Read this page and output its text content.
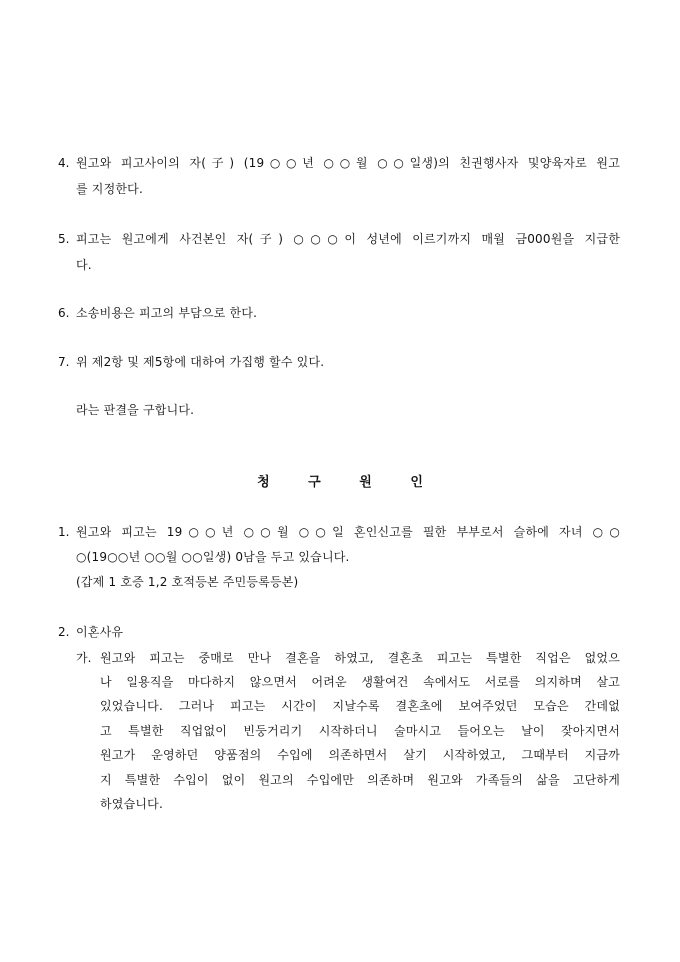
4. 원고와 피고사이의 자(子) (19○○년 ○○월 ○○일생)의 친권행사자 및양육자로 원고
를 지정한다.
5. 피고는 원고에게 사건본인 자(子) ○○○이 성년에 이르기까지 매월 금000원을 지급한
다.
6. 소송비용은 피고의 부담으로 한다.
7. 위 제2항 및 제5항에 대하여 가집행 할수 있다.
라는 판결을 구합니다.
청	구	원	인
1. 원고와 피고는 19○○년 ○○월 ○○일 혼인신고를 필한 부부로서 슬하에 자녀 ○○
○(19○○년 ○○월 ○○일생) 0남을 두고 있습니다.
(갑제 1 호증 1,2 호적등본 주민등록등본)
2. 이혼사유
가. 원고와 피고는 중매로 만나 결혼을 하였고, 결혼초 피고는 특별한 직업은 없었으
나 일용직을 마다하지 않으면서 어려운 생활여건 속에서도 서로를 의지하며 살고
있었습니다. 그러나 피고는 시간이 지날수록 결혼초에 보여주었던 모습은 간데없
고 특별한 직업없이 빈둥거리기 시작하더니 술마시고 들어오는 날이 잦아지면서
원고가 운영하던 양품점의 수입에 의존하면서 살기 시작하였고, 그때부터 지금까
지 특별한 수입이 없이 원고의 수입에만 의존하며 원고와 가족들의 삶을 고단하게
하였습니다.
